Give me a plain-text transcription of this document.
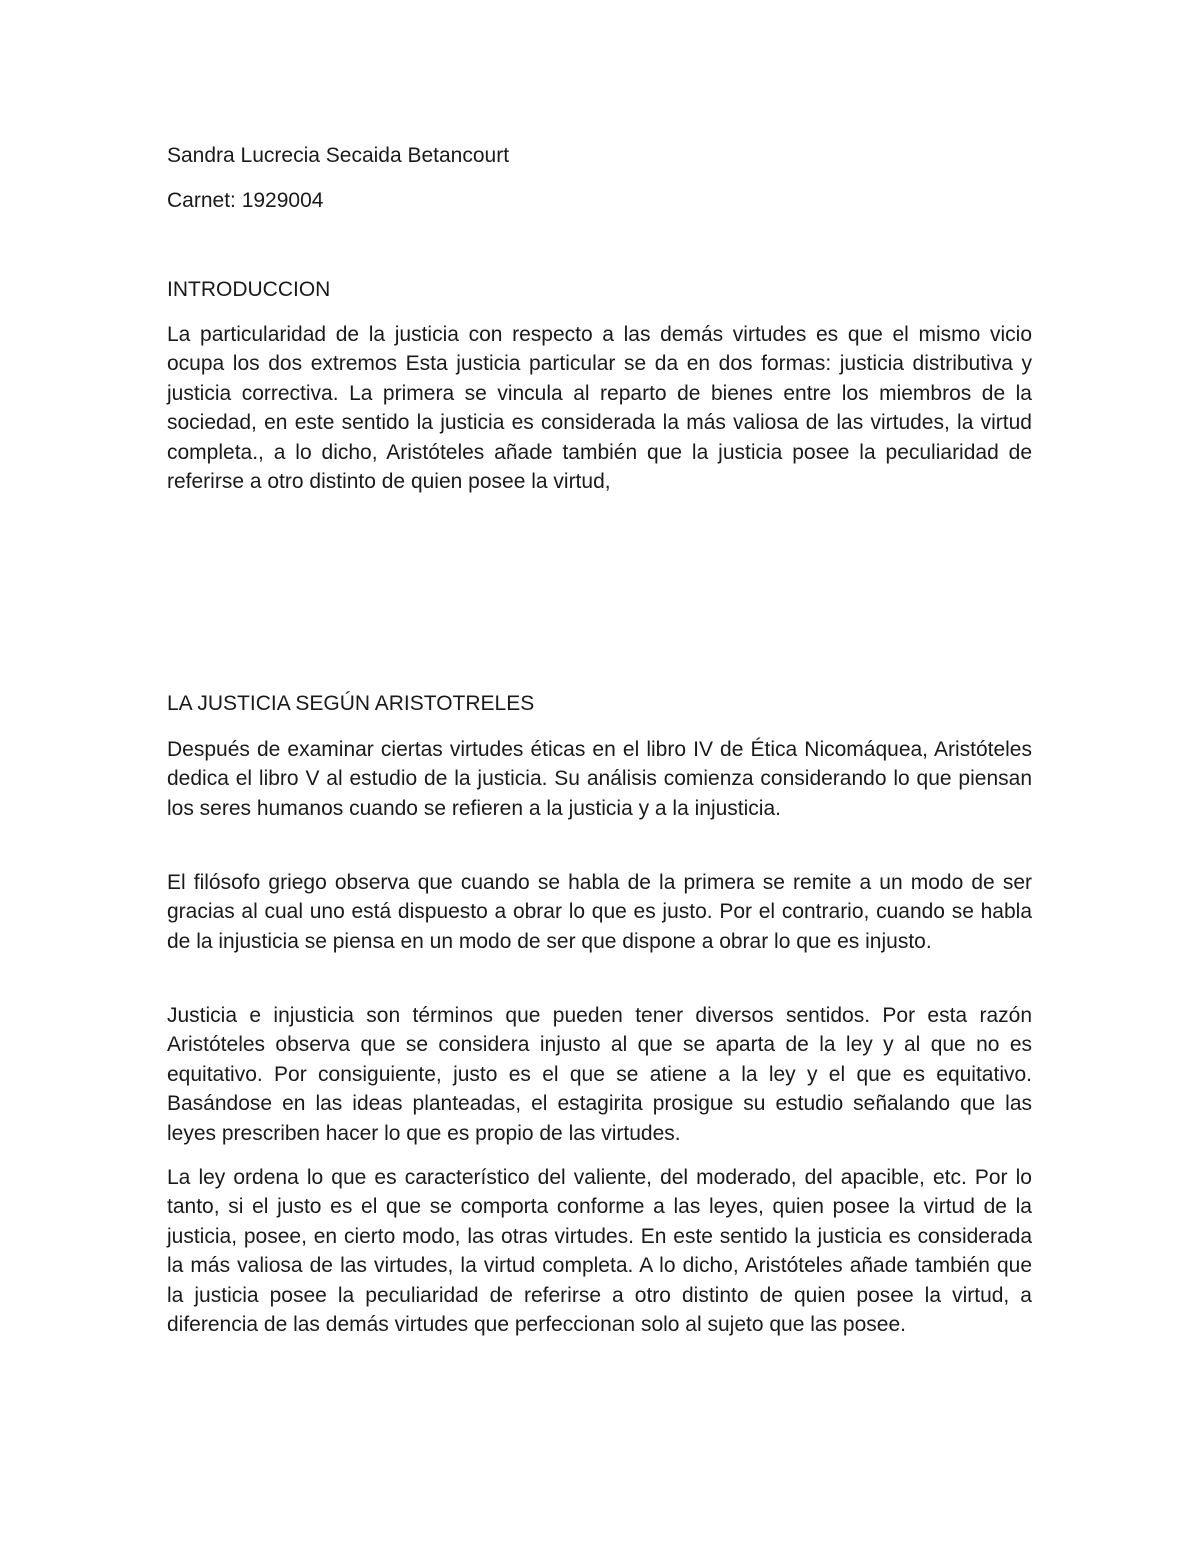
Sandra Lucrecia Secaida Betancourt

Carnet: 1929004

INTRODUCCION

La particularidad de la justicia con respecto a las demás virtudes es que el mismo vicio ocupa los dos extremos Esta justicia particular se da en dos formas: justicia distributiva y justicia correctiva. La primera se vincula al reparto de bienes entre los miembros de la sociedad, en este sentido la justicia es considerada la más valiosa de las virtudes, la virtud completa., a lo dicho, Aristóteles añade también que la justicia posee la peculiaridad de referirse a otro distinto de quien posee la virtud,

LA JUSTICIA SEGÚN ARISTOTRELES

Después de examinar ciertas virtudes éticas en el libro IV de Ética Nicomáquea, Aristóteles dedica el libro V al estudio de la justicia. Su análisis comienza considerando lo que piensan los seres humanos cuando se refieren a la justicia y a la injusticia.

El filósofo griego observa que cuando se habla de la primera se remite a un modo de ser gracias al cual uno está dispuesto a obrar lo que es justo. Por el contrario, cuando se habla de la injusticia se piensa en un modo de ser que dispone a obrar lo que es injusto.

Justicia e injusticia son términos que pueden tener diversos sentidos. Por esta razón Aristóteles observa que se considera injusto al que se aparta de la ley y al que no es equitativo. Por consiguiente, justo es el que se atiene a la ley y el que es equitativo. Basándose en las ideas planteadas, el estagirita prosigue su estudio señalando que las leyes prescriben hacer lo que es propio de las virtudes.

La ley ordena lo que es característico del valiente, del moderado, del apacible, etc. Por lo tanto, si el justo es el que se comporta conforme a las leyes, quien posee la virtud de la justicia, posee, en cierto modo, las otras virtudes. En este sentido la justicia es considerada la más valiosa de las virtudes, la virtud completa. A lo dicho, Aristóteles añade también que la justicia posee la peculiaridad de referirse a otro distinto de quien posee la virtud, a diferencia de las demás virtudes que perfeccionan solo al sujeto que las posee.
